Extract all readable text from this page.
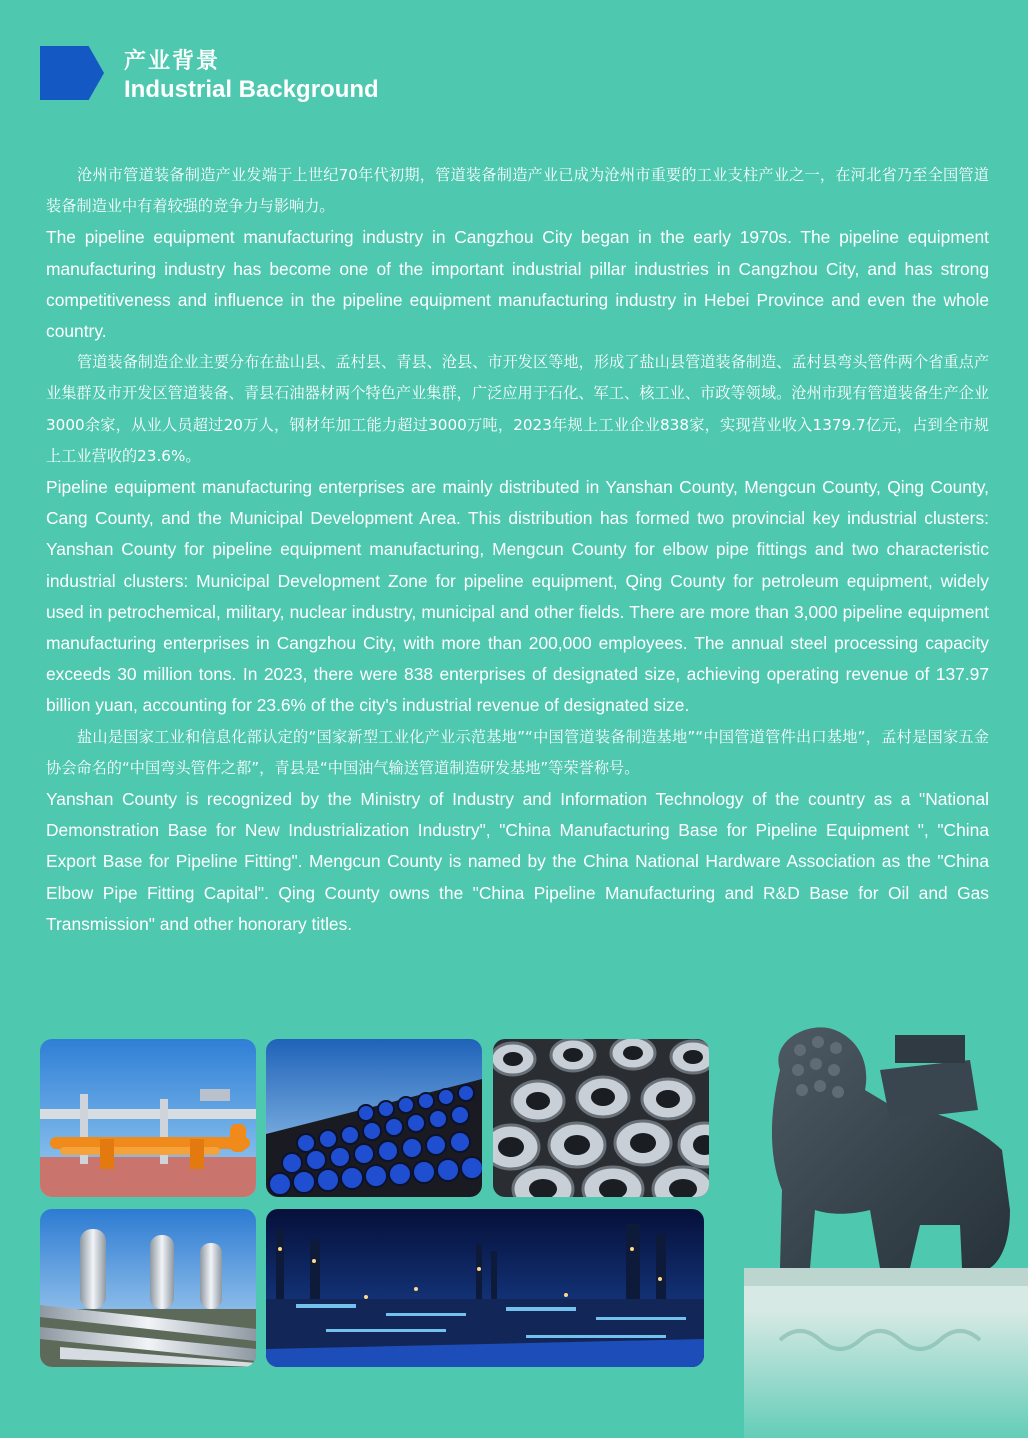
产业背景
Industrial Background

沧州市管道装备制造产业发端于上世纪70年代初期，管道装备制造产业已成为沧州市重要的工业支柱产业之一，在河北省乃至全国管道装备制造业中有着较强的竞争力与影响力。

The pipeline equipment manufacturing industry in Cangzhou City began in the early 1970s. The pipeline equipment manufacturing industry has become one of the important industrial pillar industries in Cangzhou City, and has strong competitiveness and influence in the pipeline equipment manufacturing industry in Hebei Province and even the whole country.

管道装备制造企业主要分布在盐山县、孟村县、青县、沧县、市开发区等地，形成了盐山县管道装备制造、孟村县弯头管件两个省重点产业集群及市开发区管道装备、青县石油器材两个特色产业集群，广泛应用于石化、军工、核工业、市政等领域。沧州市现有管道装备生产企业3000余家，从业人员超过20万人，钢材年加工能力超过3000万吨，2023年规上工业企业838家，实现营业收入1379.7亿元，占到全市规上工业营收的23.6%。

Pipeline equipment manufacturing enterprises are mainly distributed in Yanshan County, Mengcun County, Qing County, Cang County, and the Municipal Development Area. This distribution has formed two provincial key industrial clusters: Yanshan County for pipeline equipment manufacturing, Mengcun County for elbow pipe fittings and two characteristic industrial clusters: Municipal Development Zone for pipeline equipment, Qing County for petroleum equipment, widely used in petrochemical, military, nuclear industry, municipal and other fields. There are more than 3,000 pipeline equipment manufacturing enterprises in Cangzhou City, with more than 200,000 employees. The annual steel processing capacity exceeds 30 million tons. In 2023, there were 838 enterprises of designated size, achieving operating revenue of 137.97 billion yuan, accounting for 23.6% of the city's industrial revenue of designated size.

盐山是国家工业和信息化部认定的“国家新型工业化产业示范基地”“中国管道装备制造基地”“中国管道管件出口基地”，孟村是国家五金协会命名的“中国弯头管件之都”，青县是“中国油气输送管道制造研发基地”等荣誉称号。

Yanshan County is recognized by the Ministry of Industry and Information Technology of the country as a "National Demonstration Base for New Industrialization Industry", "China Manufacturing Base for Pipeline Equipment ", "China Export Base for Pipeline Fitting". Mengcun County is named by the China National Hardware Association as the "China Elbow Pipe Fitting Capital". Qing County owns the "China Pipeline Manufacturing and R&D Base for Oil and Gas Transmission" and other honorary titles.
